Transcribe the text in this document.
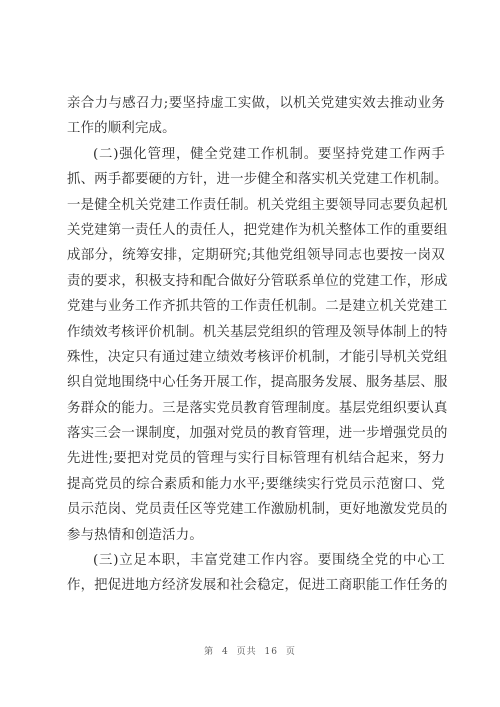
亲合力与感召力;要坚持虚工实做，以机关党建实效去推动业务
工作的顺利完成。
(二)强化管理，健全党建工作机制。要坚持党建工作两手
抓、两手都要硬的方针，进一步健全和落实机关党建工作机制。
一是健全机关党建工作责任制。机关党组主要领导同志要负起机
关党建第一责任人的责任人，把党建作为机关整体工作的重要组
成部分，统筹安排，定期研究;其他党组领导同志也要按一岗双
责的要求，积极支持和配合做好分管联系单位的党建工作，形成
党建与业务工作齐抓共管的工作责任机制。二是建立机关党建工
作绩效考核评价机制。机关基层党组织的管理及领导体制上的特
殊性，决定只有通过建立绩效考核评价机制，才能引导机关党组
织自觉地围绕中心任务开展工作，提高服务发展、服务基层、服
务群众的能力。三是落实党员教育管理制度。基层党组织要认真
落实三会一课制度，加强对党员的教育管理，进一步增强党员的
先进性;要把对党员的管理与实行目标管理有机结合起来，努力
提高党员的综合素质和能力水平;要继续实行党员示范窗口、党
员示范岗、党员责任区等党建工作激励机制，更好地激发党员的
参与热情和创造活力。
(三)立足本职，丰富党建工作内容。要围绕全党的中心工
作，把促进地方经济发展和社会稳定，促进工商职能工作任务的
第 4 页共 16 页
